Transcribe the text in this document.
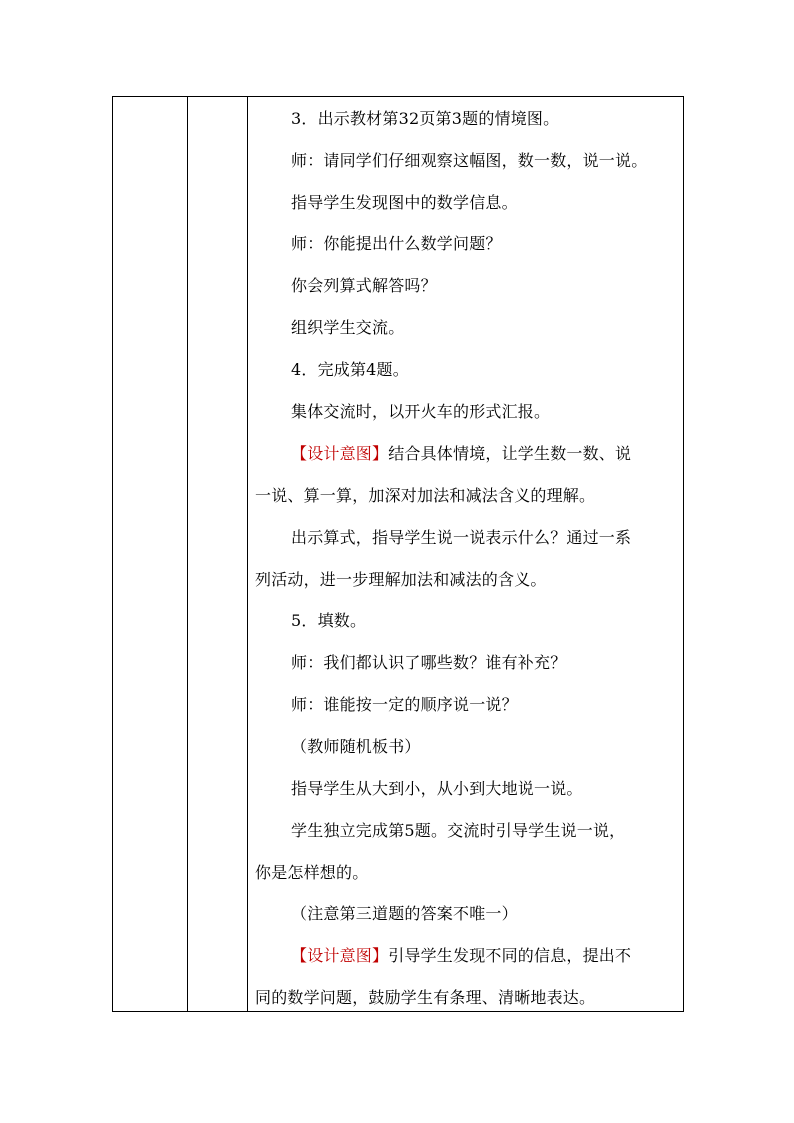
3．出示教材第32页第3题的情境图。
师：请同学们仔细观察这幅图，数一数，说一说。
指导学生发现图中的数学信息。
师：你能提出什么数学问题？
你会列算式解答吗？
组织学生交流。
4．完成第4题。
集体交流时，以开火车的形式汇报。
【设计意图】结合具体情境，让学生数一数、说
一说、算一算，加深对加法和减法含义的理解。
出示算式，指导学生说一说表示什么？通过一系
列活动，进一步理解加法和减法的含义。
5．填数。
师：我们都认识了哪些数？谁有补充？
师：谁能按一定的顺序说一说？
（教师随机板书）
指导学生从大到小，从小到大地说一说。
学生独立完成第5题。交流时引导学生说一说，
你是怎样想的。
（注意第三道题的答案不唯一）
【设计意图】引导学生发现不同的信息，提出不
同的数学问题，鼓励学生有条理、清晰地表达。
